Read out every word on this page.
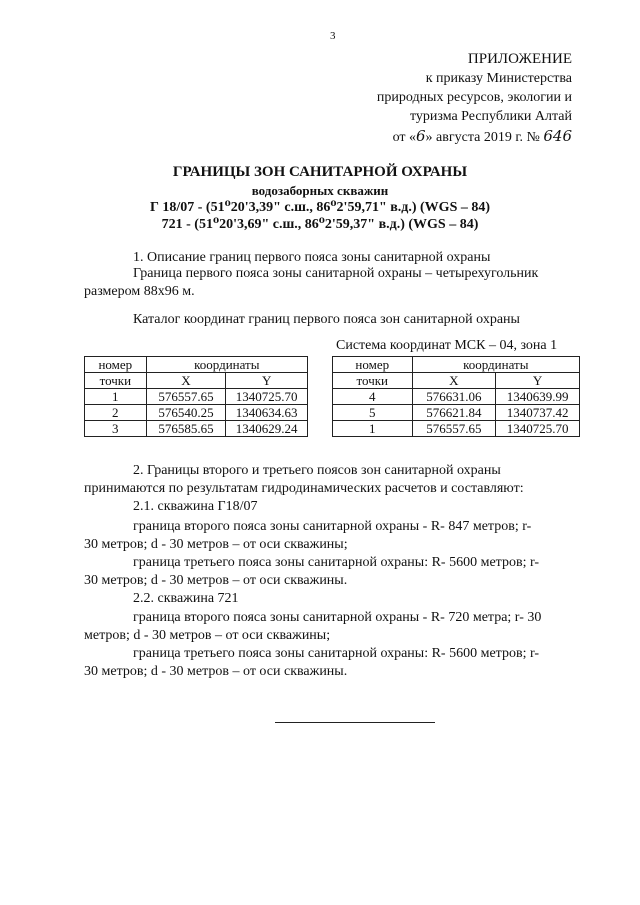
3
ПРИЛОЖЕНИЕ
к приказу Министерства
природных ресурсов, экологии и
туризма Республики Алтай
от «6» августа 2019 г. № 646
ГРАНИЦЫ ЗОН САНИТАРНОЙ ОХРАНЫ
водозаборных скважин
Г 18/07 - (51⁰20'3,39" с.ш., 86⁰2'59,71" в.д.) (WGS – 84)
721 - (51⁰20'3,69" с.ш., 86⁰2'59,37" в.д.) (WGS – 84)
1. Описание границ первого пояса зоны санитарной охраны
Граница первого пояса зоны санитарной охраны – четырехугольник
размером 88х96 м.
Каталог координат границ первого пояса зон санитарной охраны
Система координат МСК – 04, зона 1
номер	координаты	
точки	X	Y
1	576557.65	1340725.70
2	576540.25	1340634.63
3	576585.65	1340629.24
номер	координаты	
точки	X	Y
4	576631.06	1340639.99
5	576621.84	1340737.42
1	576557.65	1340725.70
2. Границы второго и третьего поясов зон санитарной охраны
принимаются по результатам гидродинамических расчетов и составляют:
2.1. скважина Г18/07
граница второго пояса зоны санитарной охраны - R- 847 метров; r-
30 метров; d - 30 метров – от оси скважины;
граница третьего пояса зоны санитарной охраны: R- 5600 метров; r-
30 метров; d - 30 метров – от оси скважины.
2.2. скважина 721
граница второго пояса зоны санитарной охраны - R- 720 метра; r- 30
метров; d - 30 метров – от оси скважины;
граница третьего пояса зоны санитарной охраны: R- 5600 метров; r-
30 метров; d - 30 метров – от оси скважины.
